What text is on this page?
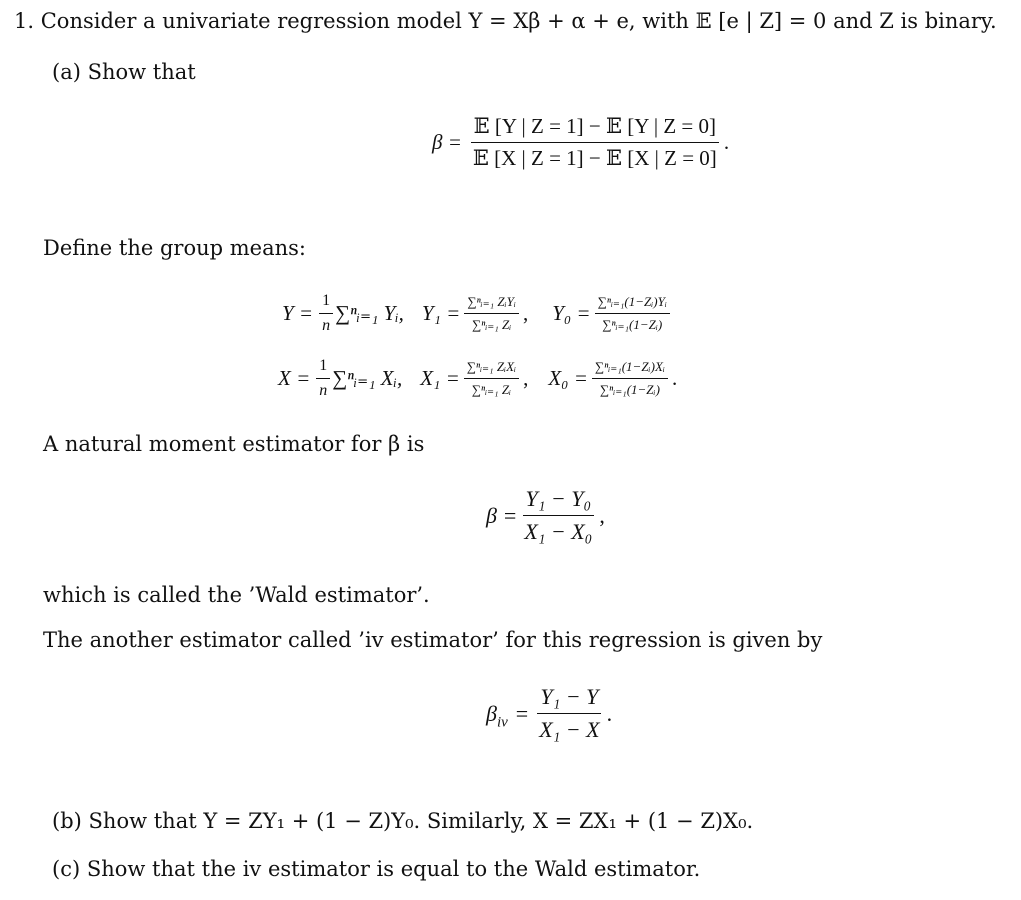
1. Consider a univariate regression model Y = Xβ + α + e, with 𝔼 [e | Z] = 0 and Z is binary.
(a) Show that
$\beta = \frac{\text{𝔼 [Y | Z = 1] − 𝔼 [Y | Z = 0]}}{\text{𝔼 [X | Z = 1] − 𝔼 [X | Z = 0]}}$ .
Define the group means:
$Y = \frac{1}{n}$ ∑ⁿᵢ₌₁ Yᵢ, $Y_1 = \frac{\text{∑ⁿᵢ₌₁ ZᵢYᵢ}}{\text{∑ⁿᵢ₌₁ Zᵢ}}$ , $Y_0 = \frac{\text{∑ⁿᵢ₌₁(1−Zᵢ)Yᵢ}}{\text{∑ⁿᵢ₌₁(1−Zᵢ)}}$
$X = \frac{1}{n}$ ∑ⁿᵢ₌₁ Xᵢ, $X_1 = \frac{\text{∑ⁿᵢ₌₁ ZᵢXᵢ}}{\text{∑ⁿᵢ₌₁ Zᵢ}}$ , $X_0 = \frac{\text{∑ⁿᵢ₌₁(1−Zᵢ)Xᵢ}}{\text{∑ⁿᵢ₌₁(1−Zᵢ)}}$ .
A natural moment estimator for β is
$\beta = \frac{\text{Y₁ − Y₀}}{\text{X₁ − X₀}}$ ,
which is called the ’Wald estimator’.
The another estimator called ’iv estimator’ for this regression is given by
$\beta_{iv} = \frac{\text{Y₁ − Y}}{\text{X₁ − X}}$ .
(b) Show that Y = ZY₁ + (1 − Z)Y₀. Similarly, X = ZX₁ + (1 − Z)X₀.
(c) Show that the iv estimator is equal to the Wald estimator.
